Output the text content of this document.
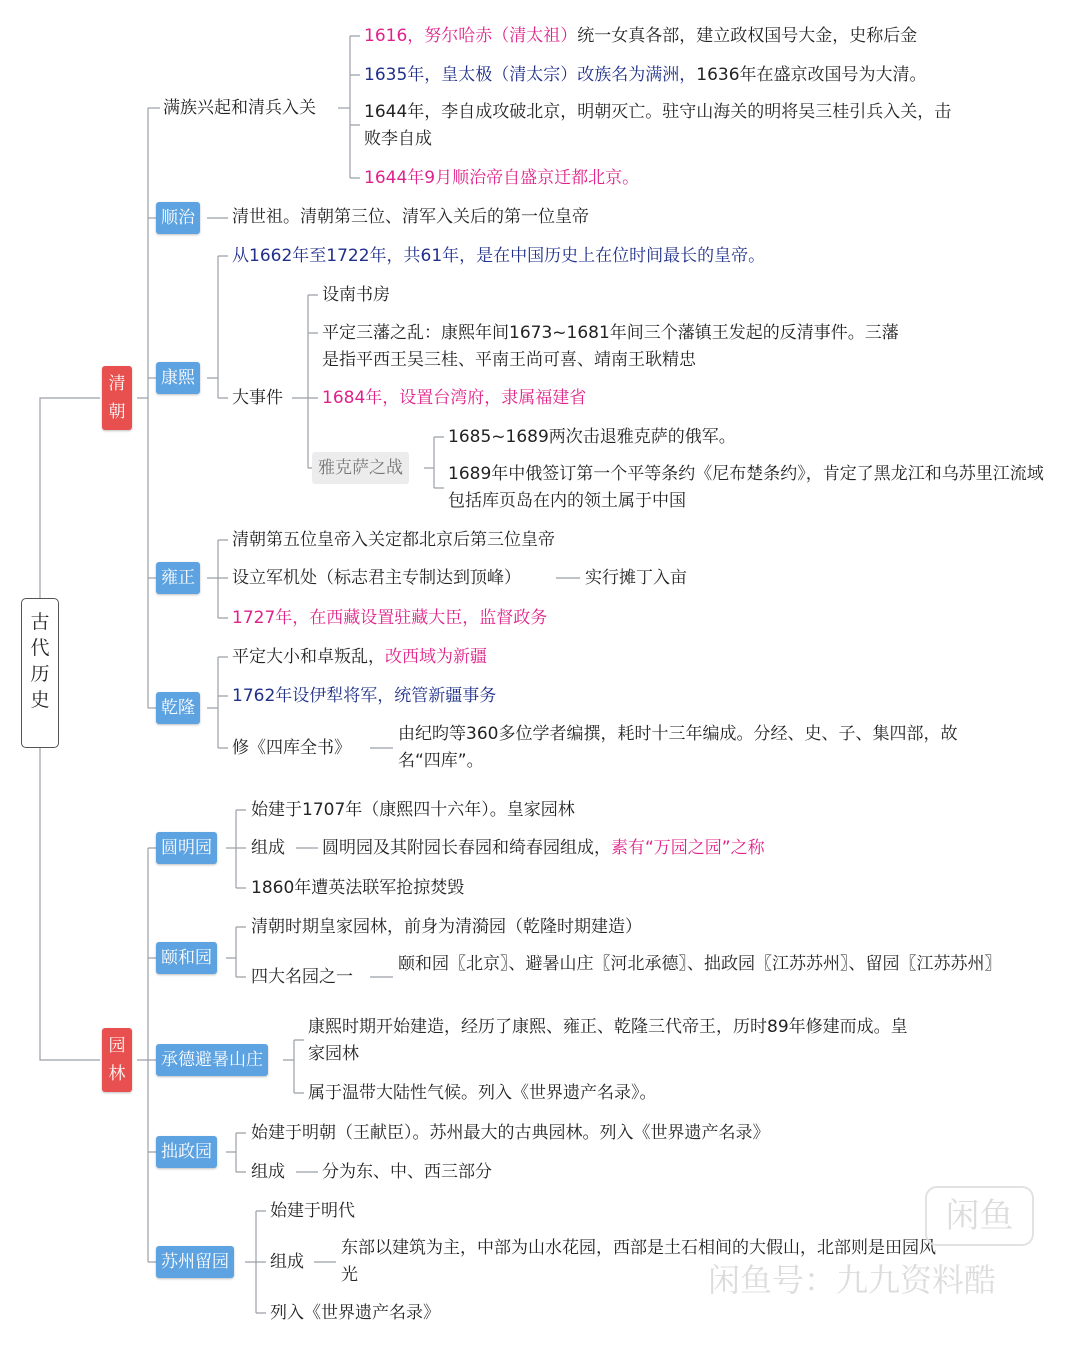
古代历史
清朝
满族兴起和清兵入关
1616，努尔哈赤（清太祖）统一女真各部，建立政权国号大金，史称后金
1635年，皇太极（清太宗）改族名为满洲，1636年在盛京改国号为大清。
1644年，李自成攻破北京，明朝灭亡。驻守山海关的明将吴三桂引兵入关，击败李自成
1644年9月顺治帝自盛京迁都北京。
顺治 清世祖。清朝第三位、清军入关后的第一位皇帝
康熙
从1662年至1722年，共61年，是在中国历史上在位时间最长的皇帝。
大事件
设南书房
平定三藩之乱：康熙年间1673~1681年间三个藩镇王发起的反清事件。三藩是指平西王吴三桂、平南王尚可喜、靖南王耿精忠
1684年，设置台湾府，隶属福建省
雅克萨之战
1685~1689两次击退雅克萨的俄军。
1689年中俄签订第一个平等条约《尼布楚条约》，肯定了黑龙江和乌苏里江流域包括库页岛在内的领土属于中国
雍正
清朝第五位皇帝入关定都北京后第三位皇帝
设立军机处（标志君主专制达到顶峰）	实行摊丁入亩
1727年，在西藏设置驻藏大臣，监督政务
乾隆
平定大小和卓叛乱，改西域为新疆
1762年设伊犁将军，统管新疆事务
修《四库全书》
由纪昀等360多位学者编撰，耗时十三年编成。分经、史、子、集四部，故名“四库”。
园林
圆明园
始建于1707年（康熙四十六年）。皇家园林
组成 圆明园及其附园长春园和绮春园组成，素有“万园之园”之称
1860年遭英法联军抢掠焚毁
颐和园
清朝时期皇家园林，前身为清漪园（乾隆时期建造）
四大名园之一
颐和园〖北京〗、避暑山庄〖河北承德〗、拙政园〖江苏苏州〗、留园〖江苏苏州〗
承德避暑山庄
康熙时期开始建造，经历了康熙、雍正、乾隆三代帝王，历时89年修建而成。皇家园林
属于温带大陆性气候。列入《世界遗产名录》。
拙政园
始建于明朝（王献臣）。苏州最大的古典园林。列入《世界遗产名录》
组成 分为东、中、西三部分
苏州留园
始建于明代
组成
东部以建筑为主，中部为山水花园，西部是土石相间的大假山，北部则是田园风光
列入《世界遗产名录》
闲鱼
闲鱼号：九九资料酷
